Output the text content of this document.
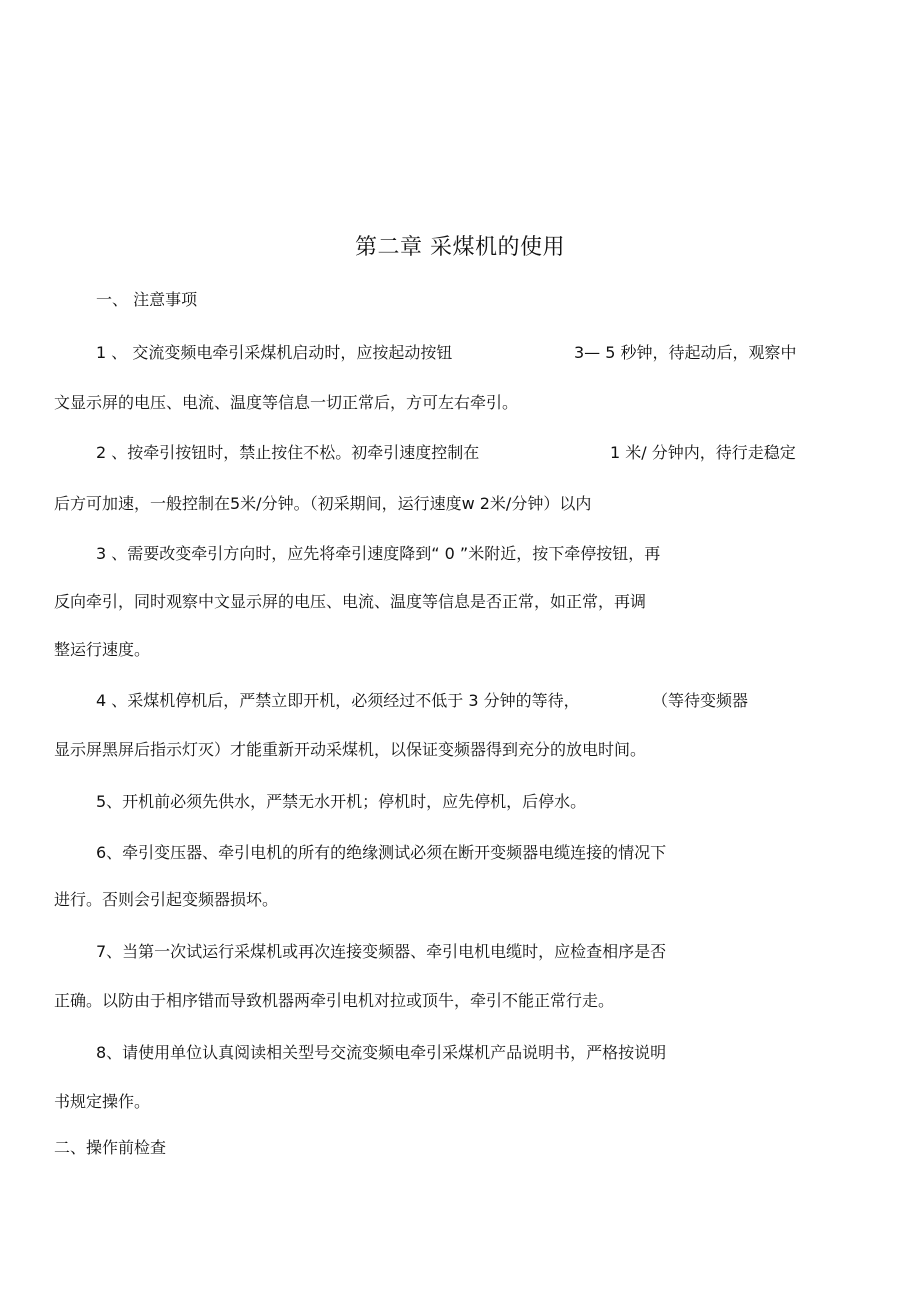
第二章 采煤机的使用

一、 注意事项

1 、 交流变频电牵引采煤机启动时，应按起动按钮	3— 5 秒钟，待起动后，观察中

文显示屏的电压、电流、温度等信息一切正常后，方可左右牵引。

2 、按牵引按钮时，禁止按住不松。初牵引速度控制在	1 米/ 分钟内，待行走稳定

后方可加速，一般控制在5米/分钟。（初采期间，运行速度w 2米/分钟）以内

3 、需要改变牵引方向时，应先将牵引速度降到“ 0 ”米附近，按下牵停按钮，再

反向牵引，同时观察中文显示屏的电压、电流、温度等信息是否正常，如正常，再调

整运行速度。

4 、采煤机停机后，严禁立即开机，必须经过不低于 3 分钟的等待，	（等待变频器

显示屏黑屏后指示灯灭）才能重新开动采煤机，以保证变频器得到充分的放电时间。

5、开机前必须先供水，严禁无水开机；停机时，应先停机，后停水。

6、牵引变压器、牵引电机的所有的绝缘测试必须在断开变频器电缆连接的情况下

进行。否则会引起变频器损坏。

7、当第一次试运行采煤机或再次连接变频器、牵引电机电缆时，应检查相序是否

正确。以防由于相序错而导致机器两牵引电机对拉或顶牛，牵引不能正常行走。

8、请使用单位认真阅读相关型号交流变频电牵引采煤机产品说明书，严格按说明

书规定操作。

二、操作前检查
